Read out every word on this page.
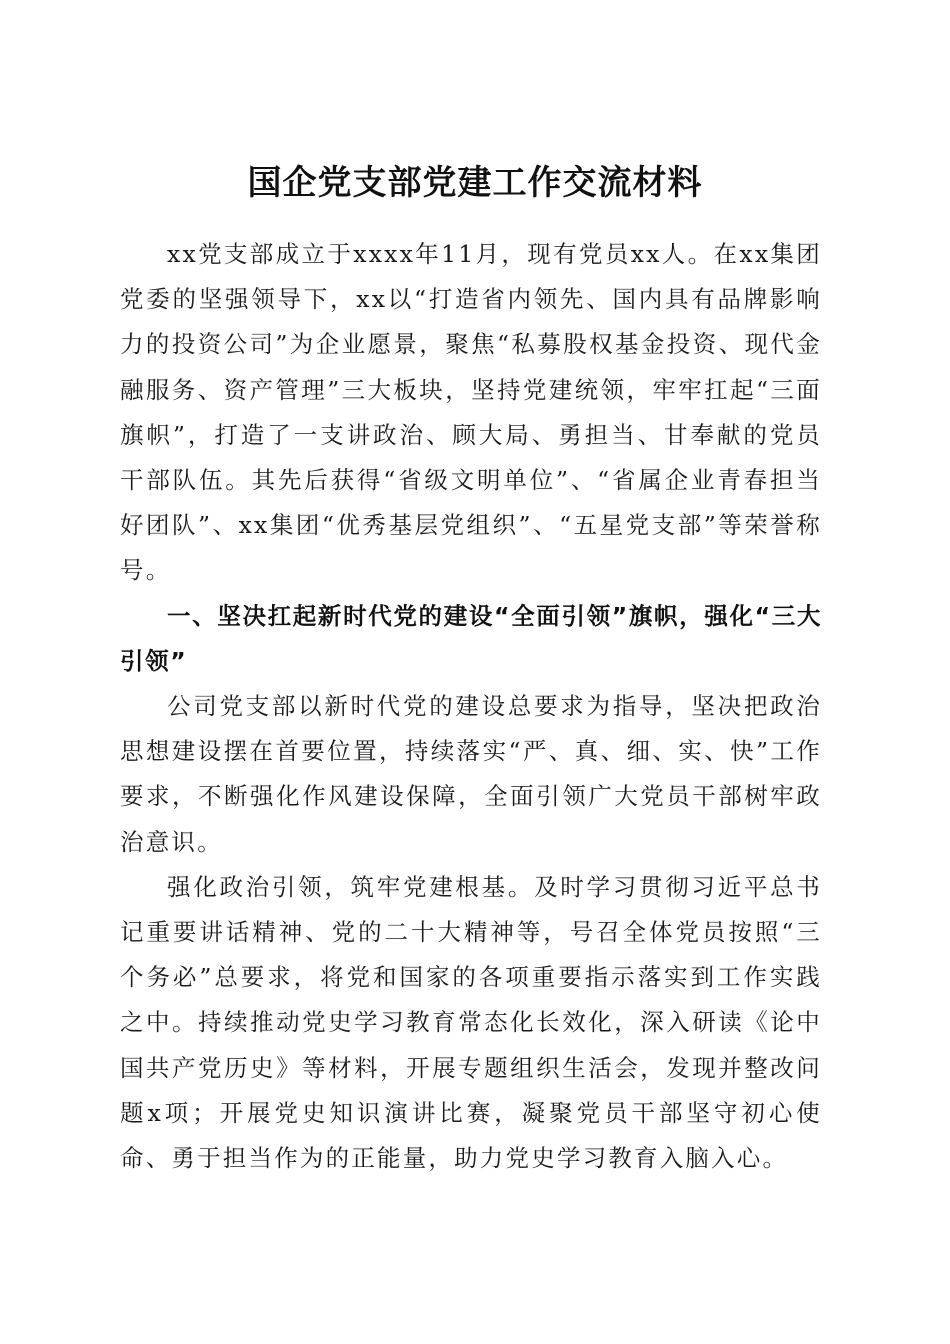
国企党支部党建工作交流材料

xx党支部成立于xxxx年11月，现有党员xx人。在xx集团党委的坚强领导下，xx以“打造省内领先、国内具有品牌影响力的投资公司”为企业愿景，聚焦“私募股权基金投资、现代金融服务、资产管理”三大板块，坚持党建统领，牢牢扛起“三面旗帜”，打造了一支讲政治、顾大局、勇担当、甘奉献的党员干部队伍。其先后获得“省级文明单位”、“省属企业青春担当好团队”、xx集团“优秀基层党组织”、“五星党支部”等荣誉称号。

一、坚决扛起新时代党的建设“全面引领”旗帜，强化“三大引领”

公司党支部以新时代党的建设总要求为指导，坚决把政治思想建设摆在首要位置，持续落实“严、真、细、实、快”工作要求，不断强化作风建设保障，全面引领广大党员干部树牢政治意识。

强化政治引领，筑牢党建根基。及时学习贯彻习近平总书记重要讲话精神、党的二十大精神等，号召全体党员按照“三个务必”总要求，将党和国家的各项重要指示落实到工作实践之中。持续推动党史学习教育常态化长效化，深入研读《论中国共产党历史》等材料，开展专题组织生活会，发现并整改问题x项；开展党史知识演讲比赛，凝聚党员干部坚守初心使命、勇于担当作为的正能量，助力党史学习教育入脑入心。
